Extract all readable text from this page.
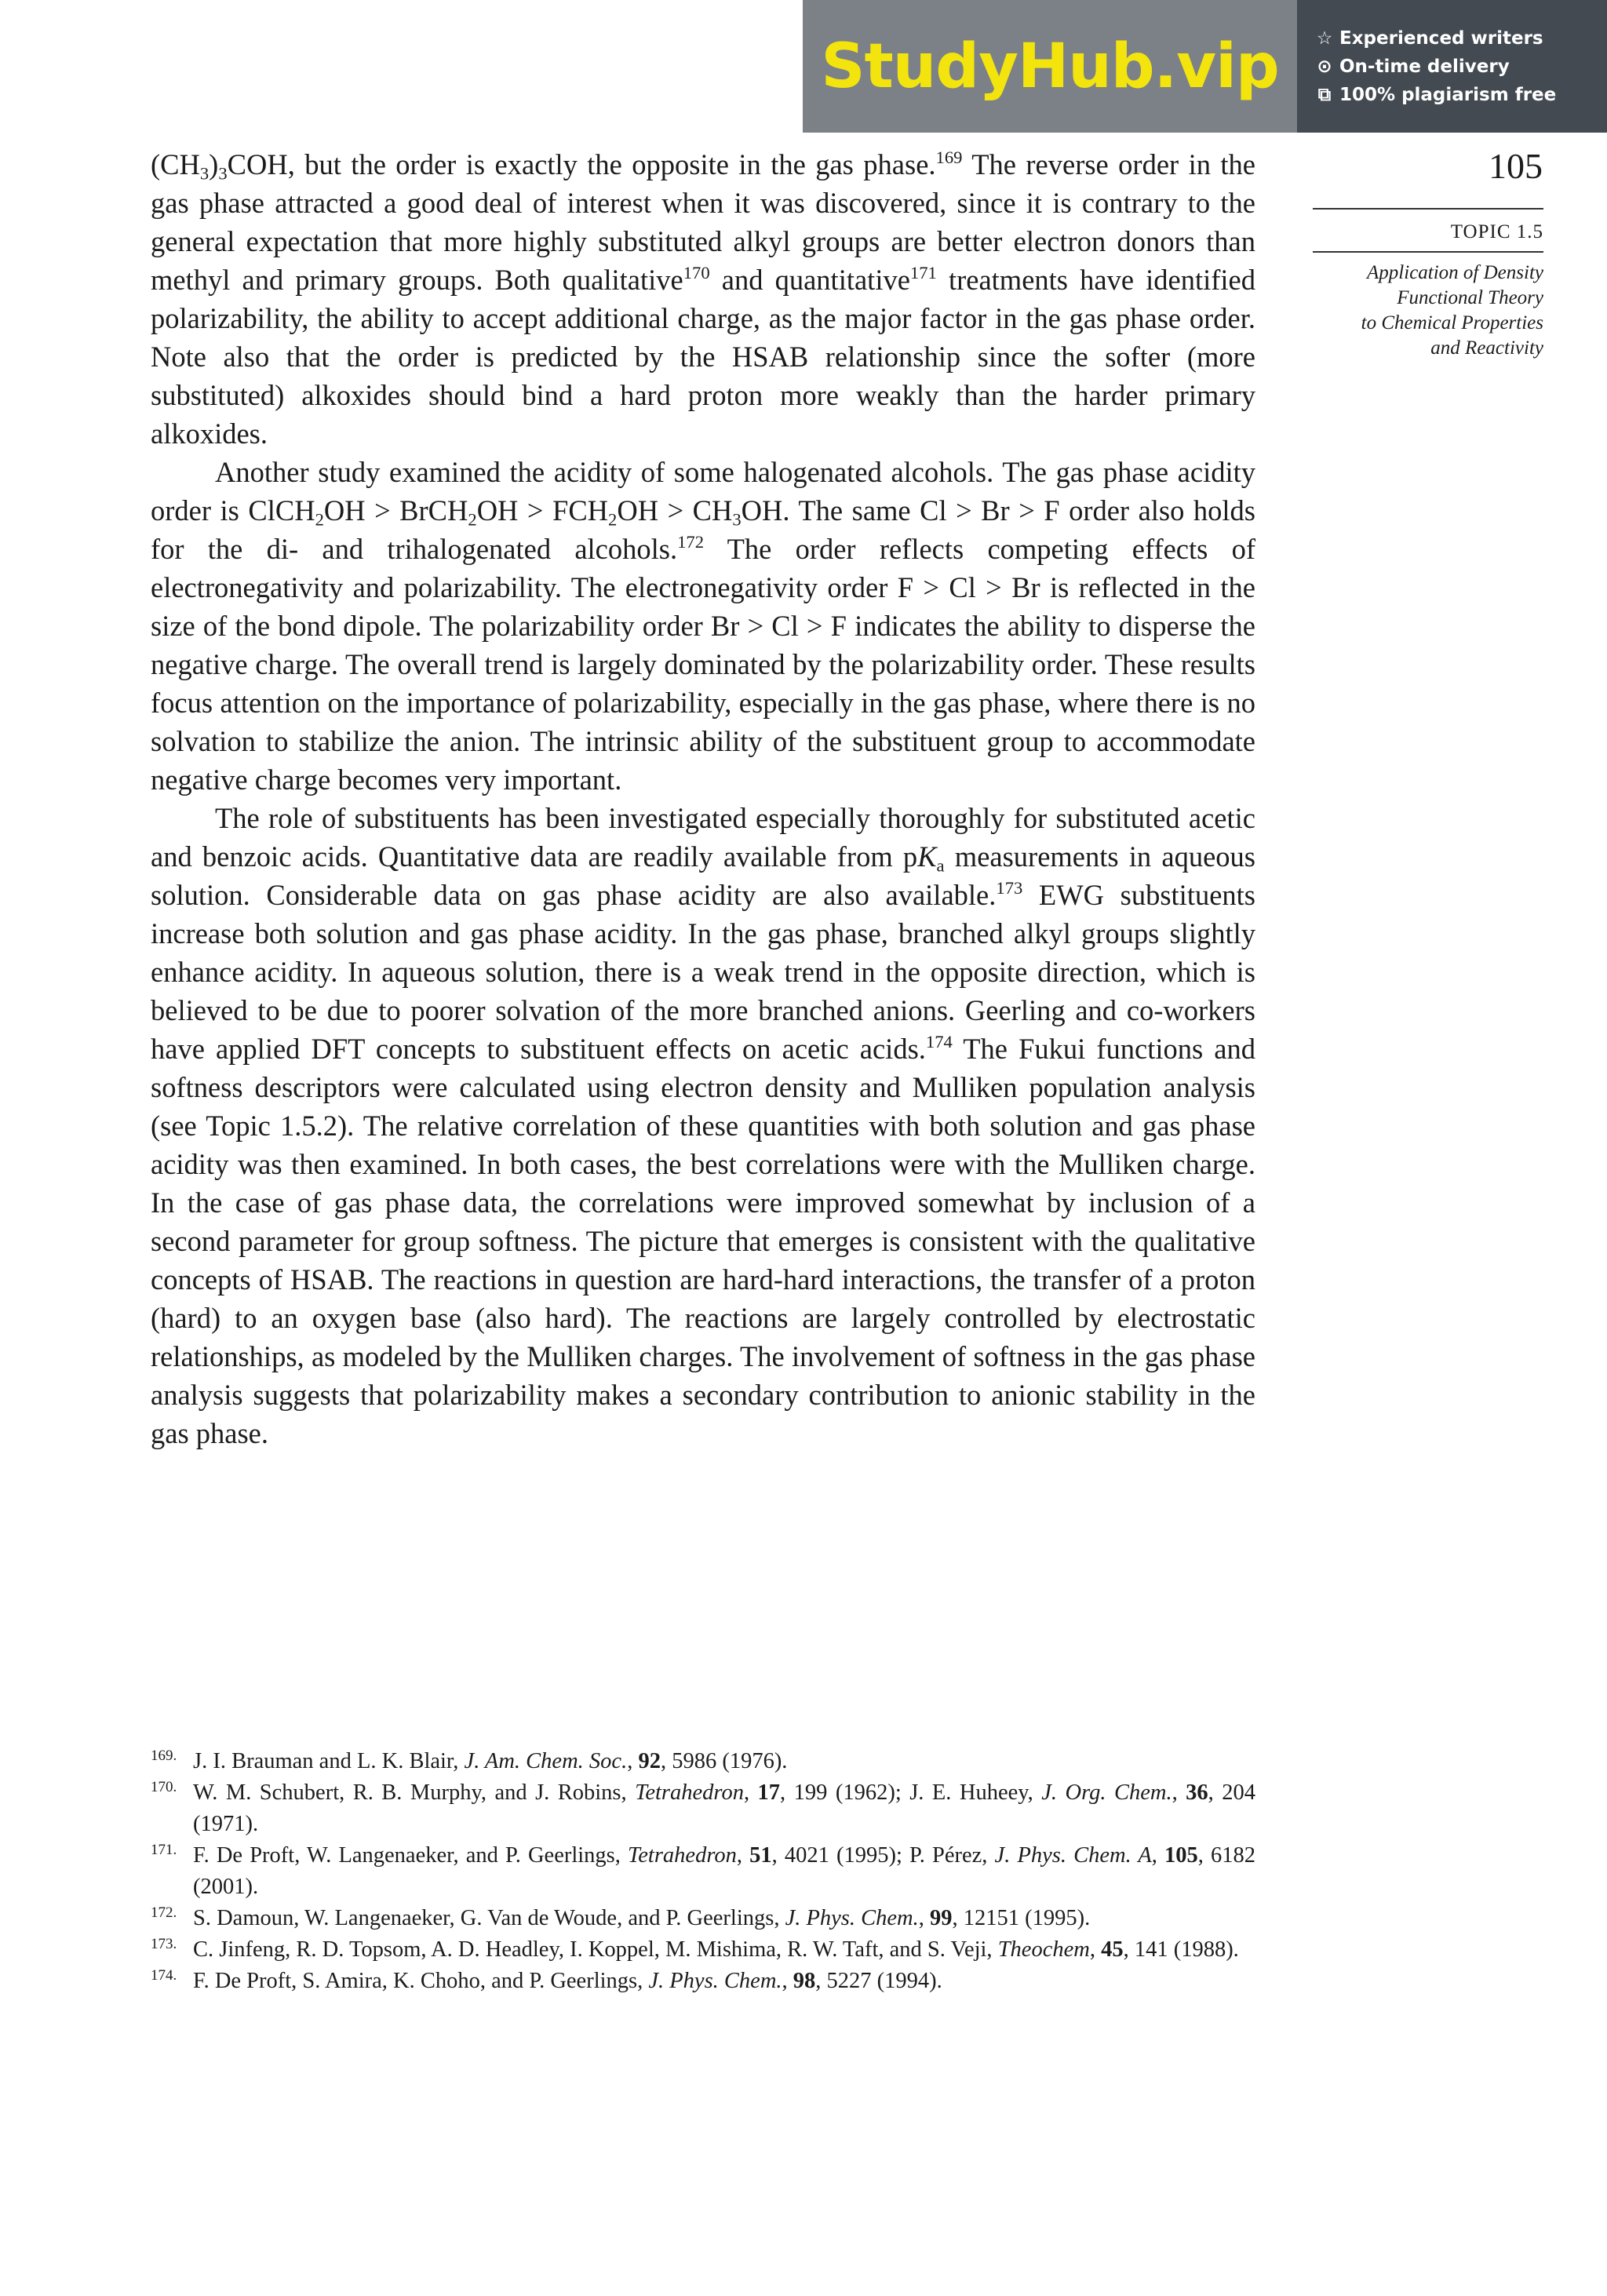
StudyHub.vip	☆ Experienced writers
⊙ On-time delivery
⧉ 100% plagiarism free
105
TOPIC 1.5
Application of Density
Functional Theory
to Chemical Properties
and Reactivity

$(CH_3)_3COH$, but the order is exactly the opposite in the gas phase.$^{169}$ The reverse order in the gas phase attracted a good deal of interest when it was discovered, since it is contrary to the general expectation that more highly substituted alkyl groups are better electron donors than methyl and primary groups. Both qualitative$^{170}$ and quantitative$^{171}$ treatments have identified polarizability, the ability to accept additional charge, as the major factor in the gas phase order. Note also that the order is predicted by the HSAB relationship since the softer (more substituted) alkoxides should bind a hard proton more weakly than the harder primary alkoxides.

Another study examined the acidity of some halogenated alcohols. The gas phase acidity order is ClCH$_2$OH > BrCH$_2$OH > $FCH_2OH > CH_3OH$. The same Cl > Br > F order also holds for the di- and trihalogenated alcohols.$^{172}$ The order reflects competing effects of electronegativity and polarizability. The electronegativity order F > Cl > Br is reflected in the size of the bond dipole. The polarizability order Br > Cl > F indicates the ability to disperse the negative charge. The overall trend is largely dominated by the polarizability order. These results focus attention on the importance of polarizability, especially in the gas phase, where there is no solvation to stabilize the anion. The intrinsic ability of the substituent group to accommodate negative charge becomes very important.

The role of substituents has been investigated especially thoroughly for substituted acetic and benzoic acids. Quantitative data are readily available from $pK_a$ measurements in aqueous solution. Considerable data on gas phase acidity are also available.$^{173}$ EWG substituents increase both solution and gas phase acidity. In the gas phase, branched alkyl groups slightly enhance acidity. In aqueous solution, there is a weak trend in the opposite direction, which is believed to be due to poorer solvation of the more branched anions. Geerling and co-workers have applied DFT concepts to substituent effects on acetic acids.$^{174}$ The Fukui functions and softness descriptors were calculated using electron density and Mulliken population analysis (see Topic 1.5.2). The relative correlation of these quantities with both solution and gas phase acidity was then examined. In both cases, the best correlations were with the Mulliken charge. In the case of gas phase data, the correlations were improved somewhat by inclusion of a second parameter for group softness. The picture that emerges is consistent with the qualitative concepts of HSAB. The reactions in question are hard-hard interactions, the transfer of a proton (hard) to an oxygen base (also hard). The reactions are largely controlled by electrostatic relationships, as modeled by the Mulliken charges. The involvement of softness in the gas phase analysis suggests that polarizability makes a secondary contribution to anionic stability in the gas phase.

169. J. I. Brauman and L. K. Blair, J. Am. Chem. Soc., 92, 5986 (1976).
170. W. M. Schubert, R. B. Murphy, and J. Robins, Tetrahedron, 17, 199 (1962); J. E. Huheey, J. Org. Chem., 36, 204 (1971).
171. F. De Proft, W. Langenaeker, and P. Geerlings, Tetrahedron, 51, 4021 (1995); P. Pérez, J. Phys. Chem. A, 105, 6182 (2001).
172. S. Damoun, W. Langenaeker, G. Van de Woude, and P. Geerlings, J. Phys. Chem., 99, 12151 (1995).
173. C. Jinfeng, R. D. Topsom, A. D. Headley, I. Koppel, M. Mishima, R. W. Taft, and S. Veji, Theochem, 45, 141 (1988).
174. F. De Proft, S. Amira, K. Choho, and P. Geerlings, J. Phys. Chem., 98, 5227 (1994).
